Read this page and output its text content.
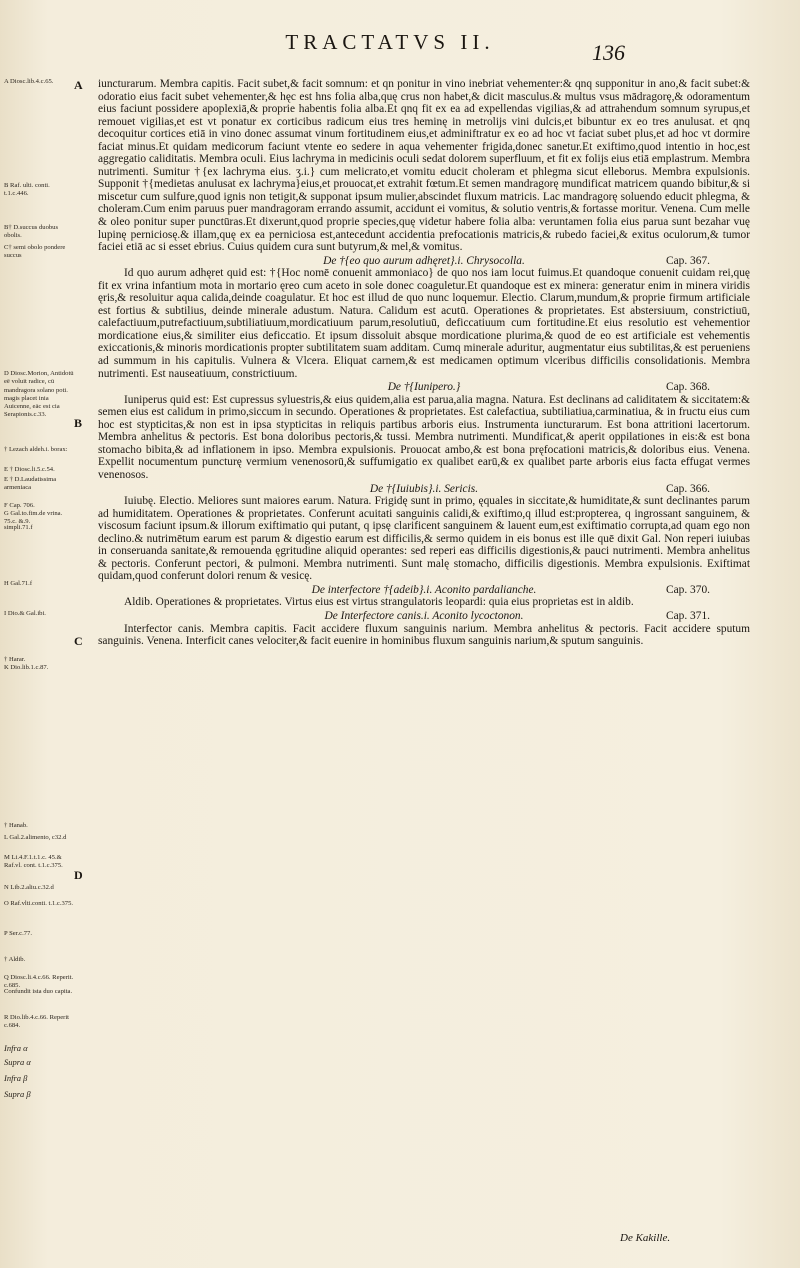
TRACTATVS II.	136
A Diosc.lib.4.c.65.
B Raf. ulti. conti. t.1.c.446.
B† D.succus duobus obolis.
C† semi obolo pondere succus
D Diosc.Morion, Antidotū eē voluit radice, cū mandragora solano poti. magis placet inia Auicenne, eāc est cia Serapionis.c.33.
† Lezach aldeh.i. borax:
E † Diosc.li.5.c.54.
E † D.Laudatissima armeniaca
F Cap. 706.
G Gal.to.fim.de vrina. 75.c. &.9.
simpli.71.f
H Gal.71.f
I Dio.& Gal.ibi.
† Harar.
K Dio.lib.1.c.87.
† Hanab.
L Gal.2.alimento, c32.d
M Li.4.F.1.t.1.c. 45.& Raf.vl. cont. t.1.c.375.
N Lib.2.aliu.c.32.d
O Raf.vlti.conti. t.1.c.375.
P Ser.c.77.
† Aldib.
Q Diosc.li.4.c.66. Reperit. c.685.
Confundit ista duo capita.
R Dio.lib.4.c.66. Reperit c.684.
Infra α
Supra α
Infra β
Supra β
A
B
C
D

iuncturarum. Membra capitis. Facit subet,& facit somnum: et qn ponitur in vino inebriat vehementer:& qnq supponitur in ano,& facit subet:& odoratio eius facit subet vehementer,& hęc est hns folia alba,quę crus non habet,& dicit masculus.& multus vsus mādragorę,& odoramentum eius faciunt possidere apoplexiā,& proprie habentis folia alba.Et qnq fit ex ea ad expellendas vigilias,& ad attrahendum somnum syrupus,et remouet vigilias,et est vt ponatur ex corticibus radicum eius tres heminę in metrolijs vini dulcis,et bibuntur ex eo tres anulusat. et qnq decoquitur cortices etiā in vino donec assumat vinum fortitudinem eius,et adminiftratur ex eo ad hoc vt faciat subet plus,et ad hoc vt dormire faciat minus.Et quidam medicorum faciunt vtente eo sedere in aqua vehementer frigida,donec sanetur.Et exiftimo,quod intentio in hoc,est aggregatio caliditatis. Membra oculi. Eius lachryma in medicinis oculi sedat dolorem superfluum, et fit ex folijs eius etiā emplastrum. Membra nutrimenti. Sumitur †{ex lachryma eius. ʒ.i.} cum melicrato,et vomitu educit choleram et phlegma sicut elleborus. Membra expulsionis. Supponit †{medietas anulusat ex lachryma}eius,et prouocat,et extrahit fœtum.Et semen mandragorę mundificat matricem quando bibitur,& si miscetur cum sulfure,quod ignis non tetigit,& supponat ipsum mulier,abscindet fluxum matricis. Lac mandragorę soluendo educit phlegma, & choleram.Cum enim paruus puer mandragoram errando assumit, accidunt ei vomitus, & solutio ventris,& fortasse moritur. Venena. Cum melle & oleo ponitur super punctūras.Et dixerunt,quod proprie species,quę videtur habere folia alba: veruntamen folia eius parua sunt bezahar vuę lupinę perniciosę.& illam,quę ex ea perniciosa est,antecedunt accidentia prefocationis matricis,& rubedo faciei,& exitus oculorum,& tumor faciei etiā ac si esset ebrius. Cuius quidem cura sunt butyrum,& mel,& vomitus.

De †{eo quo aurum adhęret}.i. Chrysocolla.	Cap. 367.

Id quo aurum adhęret quid est: †{Hoc nomē conuenit ammoniaco} de quo nos iam locut fuimus.Et quandoque conuenit cuidam rei,quę fit ex vrina infantium mota in mortario ęreo cum aceto in sole donec coaguletur.Et quandoque est ex minera: generatur enim in minera viridis ęris,& resoluitur aqua calida,deinde coagulatur. Et hoc est illud de quo nunc loquemur. Electio. Clarum,mundum,& proprie firmum artificiale est fortius & subtilius, deinde minerale adustum. Natura. Calidum est acutū. Operationes & proprietates. Est abstersiuum, constrictiuū, calefactiuum,putrefactiuum,subtiliatiuum,mordicatiuum parum,resolutiuū, deficcatiuum cum fortitudine.Et eius resolutio est vehementior mordicatione eius,& similiter eius deficcatio. Et ipsum dissoluit absque mordicatione plurima,& quod de eo est artificiale est vehementis exiccationis,& minoris mordicationis propter subtilitatem suam additam. Cumq minerale aduritur, augmentatur eius subtilitas,& est perueniens ad summum in his capitulis. Vulnera & Vlcera. Eliquat carnem,& est medicamen optimum vlceribus difficilis consolidationis. Membra nutrimenti. Est nauseatiuum, constrictiuum.

De †{Iunipero.}	Cap. 368.

Iuniperus quid est: Est cupressus syluestris,& eius quidem,alia est parua,alia magna. Natura. Est declinans ad caliditatem & siccitatem:& semen eius est calidum in primo,siccum in secundo. Operationes & proprietates. Est calefactiua, subtiliatiua,carminatiua, & in fructu eius cum hoc est stypticitas,& non est in ipsa stypticitas in reliquis partibus arboris eius. Instrumenta iuncturarum. Est bona attritioni lacertorum. Membra anhelitus & pectoris. Est bona doloribus pectoris,& tussi. Membra nutrimenti. Mundificat,& aperit oppilationes in eis:& est bona stomacho bibita,& ad inflationem in ipso. Membra expulsionis. Prouocat ambo,& est bona pręfocationi matricis,& doloribus eius. Venena. Expellit nocumentum puncturę vermium venenosorū,& suffumigatio ex qualibet earū,& ex qualibet parte arboris eius facta effugat vermes venenosos.

De †{Iuiubis}.i. Sericis.	Cap. 366.

Iuiubę. Electio. Meliores sunt maiores earum. Natura. Frigidę sunt in primo, ęquales in siccitate,& humiditate,& sunt declinantes parum ad humiditatem. Operationes & proprietates. Conferunt acuitati sanguinis calidi,& exiftimo,q illud est:propterea, q ingrossant sanguinem, & viscosum faciunt ipsum.& illorum exiftimatio qui putant, q ipsę clarificent sanguinem & lauent eum,est exiftimatio corrupta,ad quam ego non declino.& nutrimētum earum est parum & digestio earum est difficilis,& sermo quidem in eis bonus est ille quē dixit Gal. Non reperi iuiubas in conseruanda sanitate,& remouenda ęgritudine aliquid operantes: sed reperi eas difficilis digestionis,& pauci nutrimenti. Membra anhelitus & pectoris. Conferunt pectori, & pulmoni. Membra nutrimenti. Sunt malę stomacho, difficilis digestionis. Membra expulsionis. Exiftimat quidam,quod conferunt dolori renum & vesicę.

De interfectore †{adeib}.i. Aconito pardalianche.	Cap. 370.

Aldib. Operationes & proprietates. Virtus eius est virtus strangulatoris leopardi: quia eius proprietas est in aldib.

De Interfectore canis.i. Aconito lycoctonon.	Cap. 371.

Interfector canis. Membra capitis. Facit accidere fluxum sanguinis narium. Membra anhelitus & pectoris. Facit accidere sputum sanguinis. Venena. Interficit canes velociter,& facit euenire in hominibus fluxum sanguinis narium,& sputum sanguinis.

De Kakille.
